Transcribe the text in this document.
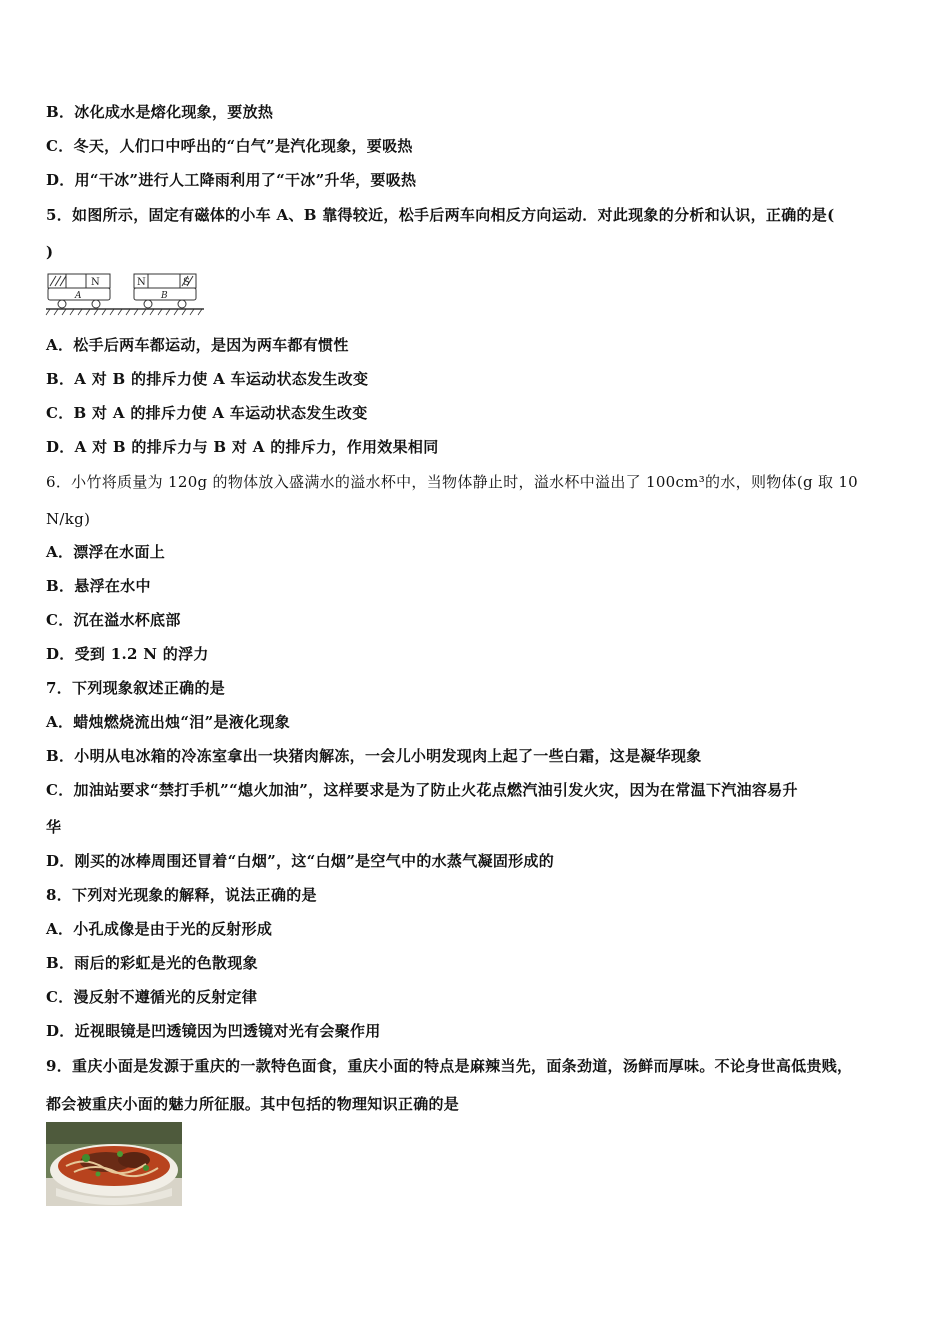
B．冰化成水是熔化现象，要放热
C．冬天，人们口中呼出的“白气”是汽化现象，要吸热
D．用“干冰”进行人工降雨利用了“干冰”升华，要吸热
5．如图所示，固定有磁体的小车 A、B 靠得较近，松手后两车向相反方向运动．对此现象的分析和认识，正确的是(
)
N	N	S
A	B
A．松手后两车都运动，是因为两车都有惯性
B．A 对 B 的排斥力使 A 车运动状态发生改变
C．B 对 A 的排斥力使 A 车运动状态发生改变
D．A 对 B 的排斥力与 B 对 A 的排斥力，作用效果相同
6．小竹将质量为 120g 的物体放入盛满水的溢水杯中，当物体静止时，溢水杯中溢出了 100cm³的水，则物体(g 取 10
N/kg)
A．漂浮在水面上
B．悬浮在水中
C．沉在溢水杯底部
D．受到 1.2 N 的浮力
7．下列现象叙述正确的是
A．蜡烛燃烧流出烛“泪”是液化现象
B．小明从电冰箱的冷冻室拿出一块猪肉解冻，一会儿小明发现肉上起了一些白霜，这是凝华现象
C．加油站要求“禁打手机”“熄火加油”，这样要求是为了防止火花点燃汽油引发火灾，因为在常温下汽油容易升
华
D．刚买的冰棒周围还冒着“白烟”，这“白烟”是空气中的水蒸气凝固形成的
8．下列对光现象的解释，说法正确的是
A．小孔成像是由于光的反射形成
B．雨后的彩虹是光的色散现象
C．漫反射不遵循光的反射定律
D．近视眼镜是凹透镜因为凹透镜对光有会聚作用
9．重庆小面是发源于重庆的一款特色面食，重庆小面的特点是麻辣当先，面条劲道，汤鲜而厚味。不论身世高低贵贱，
都会被重庆小面的魅力所征服。其中包括的物理知识正确的是
